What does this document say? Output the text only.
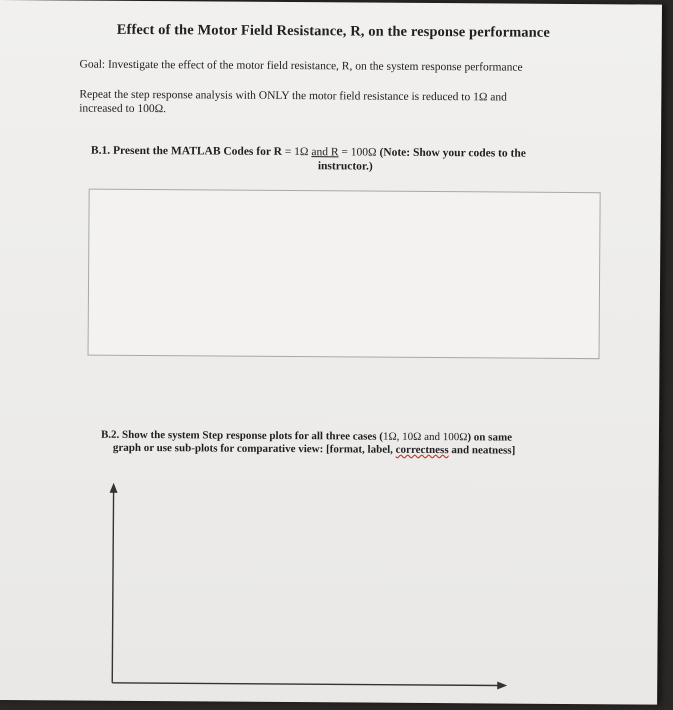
Effect of the Motor Field Resistance, R, on the response performance
Goal: Investigate the effect of the motor field resistance, R, on the system response performance
Repeat the step response analysis with ONLY the motor field resistance is reduced to 1Ω and
increased to 100Ω.
B.1. Present the MATLAB Codes for R = 1Ω and R = 100Ω (Note: Show your codes to the
instructor.)
B.2. Show the system Step response plots for all three cases (1Ω, 10Ω and 100Ω) on same
graph or use sub-plots for comparative view: [format, label, correctness and neatness]
